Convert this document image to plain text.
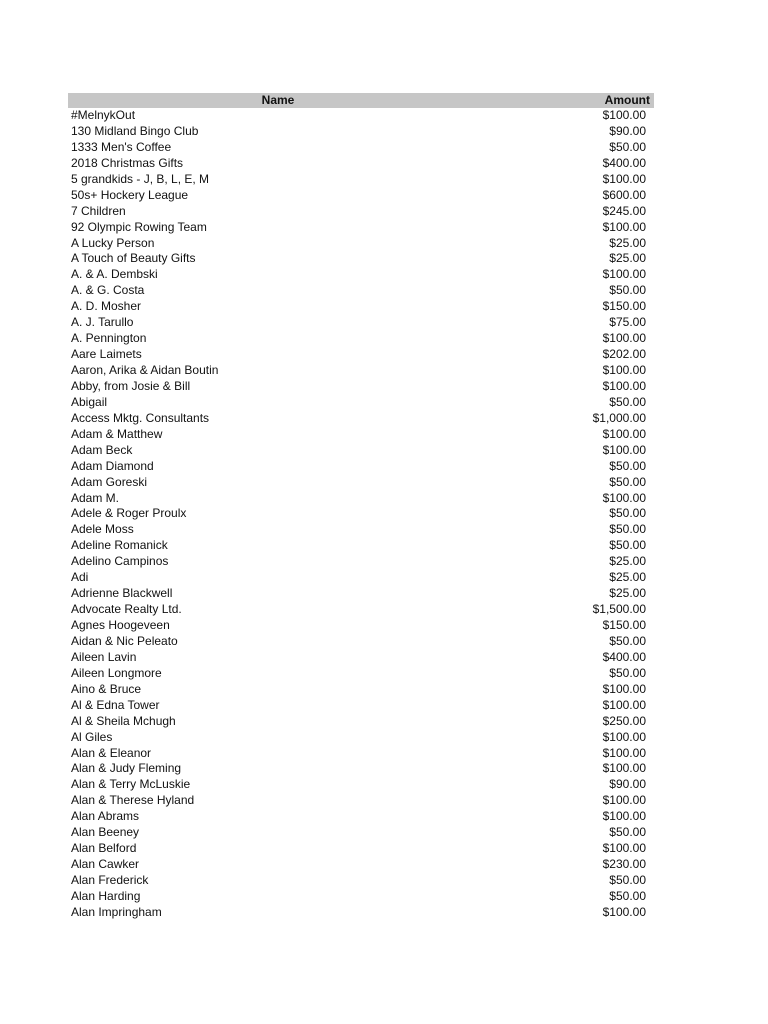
Name	Amount
#MelnykOut	$100.00
130 Midland Bingo Club	$90.00
1333 Men's Coffee	$50.00
2018 Christmas Gifts	$400.00
5 grandkids - J, B, L, E, M	$100.00
50s+ Hockery League	$600.00
7 Children	$245.00
92 Olympic Rowing Team	$100.00
A Lucky Person	$25.00
A Touch of Beauty Gifts	$25.00
A. & A. Dembski	$100.00
A. & G. Costa	$50.00
A. D. Mosher	$150.00
A. J. Tarullo	$75.00
A. Pennington	$100.00
Aare Laimets	$202.00
Aaron, Arika & Aidan Boutin	$100.00
Abby, from Josie & Bill	$100.00
Abigail	$50.00
Access Mktg. Consultants	$1,000.00
Adam & Matthew	$100.00
Adam Beck	$100.00
Adam Diamond	$50.00
Adam Goreski	$50.00
Adam M.	$100.00
Adele & Roger Proulx	$50.00
Adele Moss	$50.00
Adeline Romanick	$50.00
Adelino Campinos	$25.00
Adi	$25.00
Adrienne Blackwell	$25.00
Advocate Realty Ltd.	$1,500.00
Agnes Hoogeveen	$150.00
Aidan & Nic Peleato	$50.00
Aileen Lavin	$400.00
Aileen Longmore	$50.00
Aino & Bruce	$100.00
Al & Edna Tower	$100.00
Al & Sheila Mchugh	$250.00
Al Giles	$100.00
Alan & Eleanor	$100.00
Alan & Judy Fleming	$100.00
Alan & Terry McLuskie	$90.00
Alan & Therese Hyland	$100.00
Alan Abrams	$100.00
Alan Beeney	$50.00
Alan Belford	$100.00
Alan Cawker	$230.00
Alan Frederick	$50.00
Alan Harding	$50.00
Alan Impringham	$100.00
